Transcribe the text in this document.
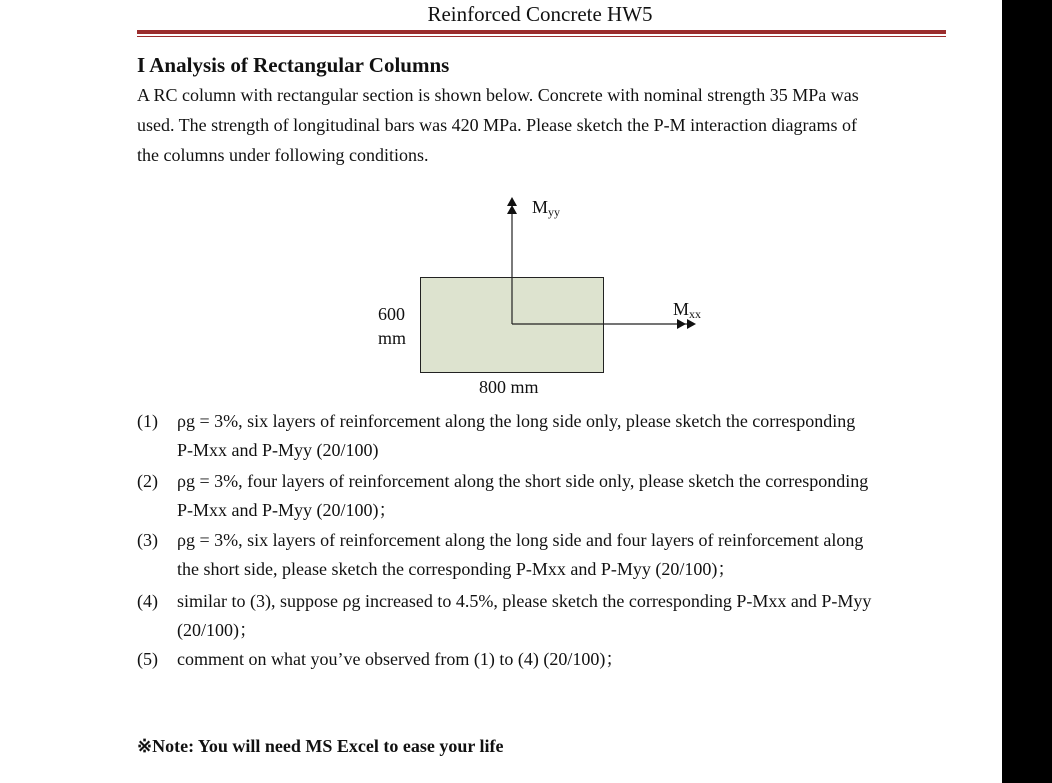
Reinforced Concrete HW5
I Analysis of Rectangular Columns
A RC column with rectangular section is shown below. Concrete with nominal strength 35 MPa was
used. The strength of longitudinal bars was 420 MPa. Please sketch the P-M interaction diagrams of
the columns under following conditions.
$M_{yy}$
$M_{xx}$
600
mm
800 mm
(1) ρg = 3%, six layers of reinforcement along the long side only, please sketch the corresponding
P-Mxx and P-Myy (20/100)
(2) ρg = 3%, four layers of reinforcement along the short side only, please sketch the corresponding
P-Mxx and P-Myy (20/100)；
(3) ρg = 3%, six layers of reinforcement along the long side and four layers of reinforcement along
the short side, please sketch the corresponding P-Mxx and P-Myy (20/100)；
(4) similar to (3), suppose ρg increased to 4.5%, please sketch the corresponding P-Mxx and P-Myy
(20/100)；
(5) comment on what you’ve observed from (1) to (4) (20/100)；
※Note: You will need MS Excel to ease your life
